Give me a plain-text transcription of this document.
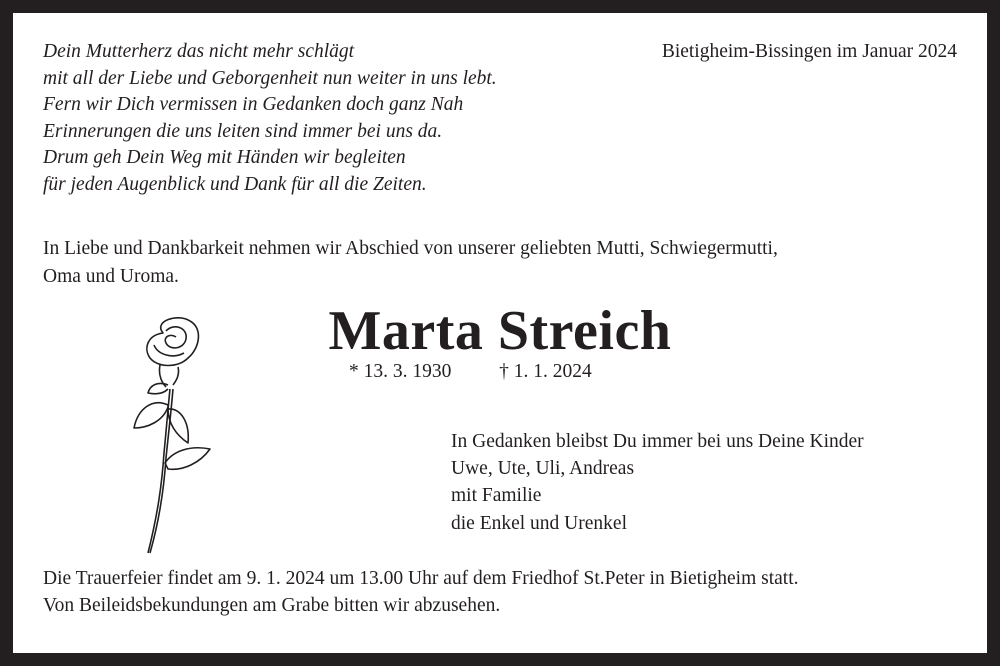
Dein Mutterherz das nicht mehr schlägt
mit all der Liebe und Geborgenheit nun weiter in uns lebt.
Fern wir Dich vermissen in Gedanken doch ganz Nah
Erinnerungen die uns leiten sind immer bei uns da.
Drum geh Dein Weg mit Händen wir begleiten
für jeden Augenblick und Dank für all die Zeiten.
Bietigheim-Bissingen im Januar 2024
In Liebe und Dankbarkeit nehmen wir Abschied von unserer geliebten Mutti, Schwiegermutti,
Oma und Uroma.
Marta Streich
* 13. 3. 1930 † 1. 1. 2024
In Gedanken bleibst Du immer bei uns Deine Kinder
Uwe, Ute, Uli, Andreas
mit Familie
die Enkel und Urenkel
Die Trauerfeier findet am 9. 1. 2024 um 13.00 Uhr auf dem Friedhof St.Peter in Bietigheim statt.
Von Beileidsbekundungen am Grabe bitten wir abzusehen.
